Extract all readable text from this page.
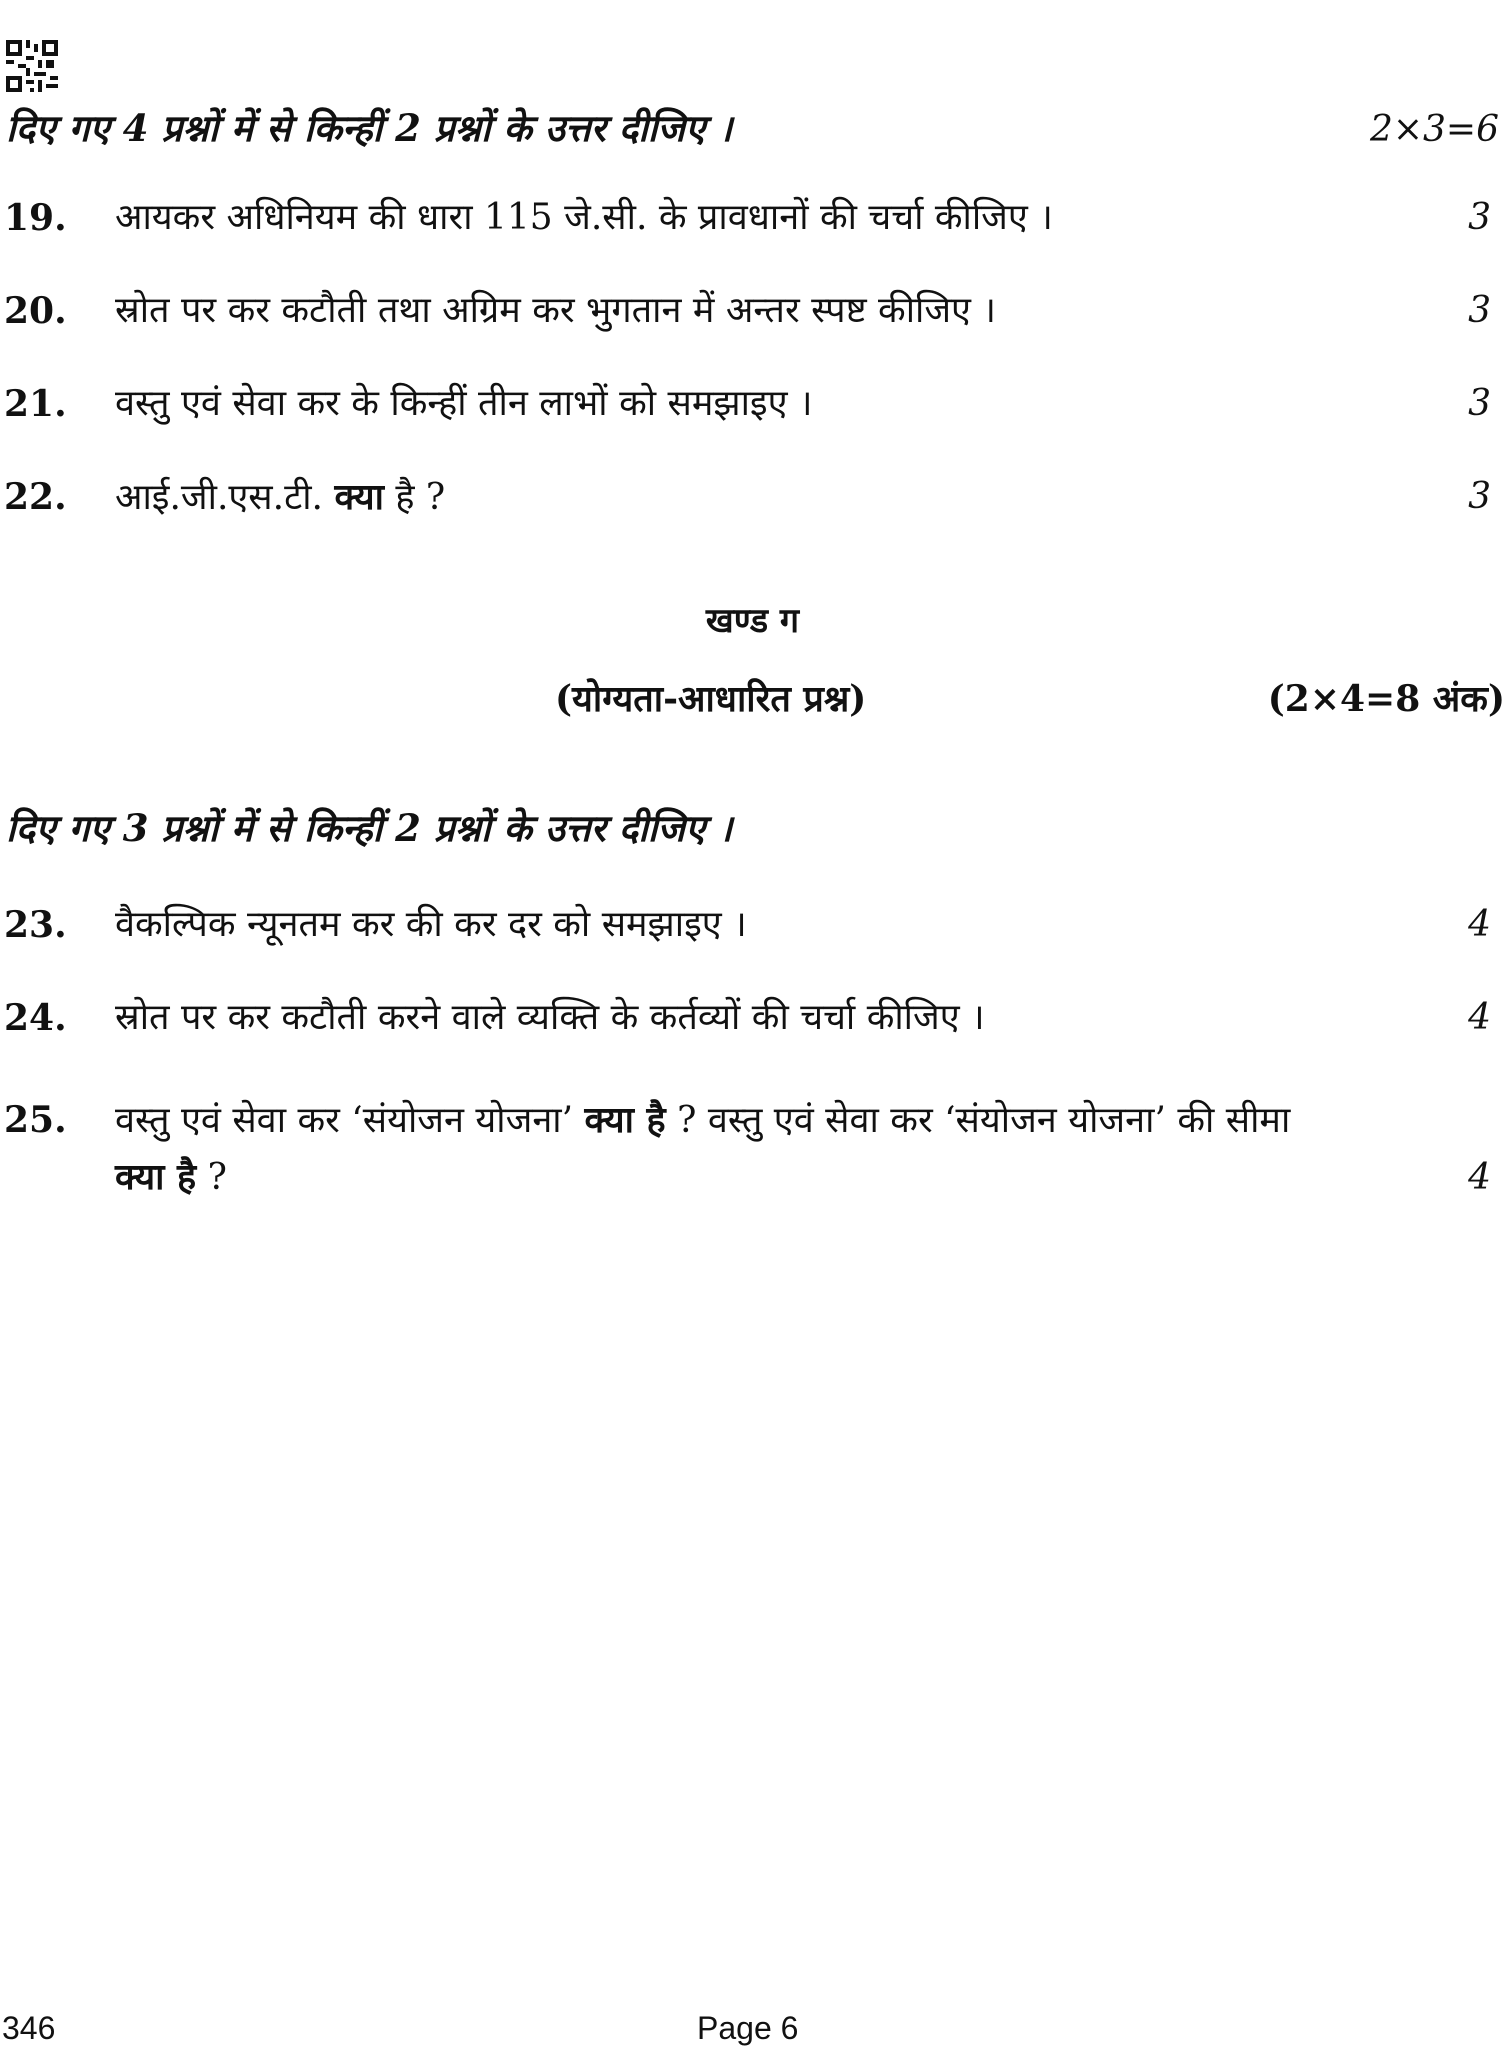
दिए गए 4 प्रश्नों में से किन्हीं 2 प्रश्नों के उत्तर दीजिए ।	2×3=6
19. आयकर अधिनियम की धारा 115 जे.सी. के प्रावधानों की चर्चा कीजिए ।	3
20. स्रोत पर कर कटौती तथा अग्रिम कर भुगतान में अन्तर स्पष्ट कीजिए ।	3
21. वस्तु एवं सेवा कर के किन्हीं तीन लाभों को समझाइए ।	3
22. आई.जी.एस.टी. क्या है ?	3
खण्ड ग
(योग्यता-आधारित प्रश्न)	(2×4=8 अंक)
दिए गए 3 प्रश्नों में से किन्हीं 2 प्रश्नों के उत्तर दीजिए ।
23. वैकल्पिक न्यूनतम कर की कर दर को समझाइए ।	4
24. स्रोत पर कर कटौती करने वाले व्यक्ति के कर्तव्यों की चर्चा कीजिए ।	4
25. वस्तु एवं सेवा कर ‘संयोजन योजना’ क्या है ? वस्तु एवं सेवा कर ‘संयोजन योजना’ की सीमा
क्या है ?	4
346	Page 6
